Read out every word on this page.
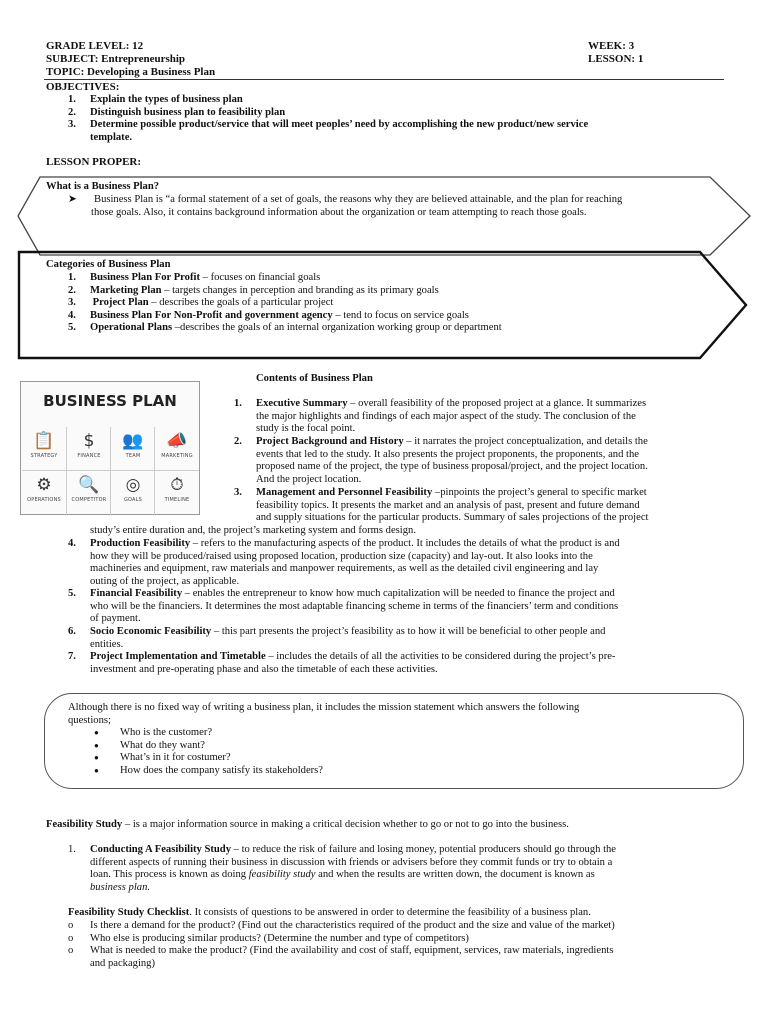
GRADE LEVEL: 12
SUBJECT: Entrepreneurship
TOPIC: Developing a Business Plan
WEEK: 3
LESSON: 1
OBJECTIVES:
1. Explain the types of business plan
2. Distinguish business plan to feasibility plan
3. Determine possible product/service that will meet peoples’ need by accomplishing the new product/new service
template.
LESSON PROPER:
What is a Business Plan?
➤ Business Plan is “a formal statement of a set of goals, the reasons why they are believed attainable, and the plan for reaching
those goals. Also, it contains background information about the organization or team attempting to reach those goals.
Categories of Business Plan
1. Business Plan For Profit – focuses on financial goals
2. Marketing Plan – targets changes in perception and branding as its primary goals
3. Project Plan – describes the goals of a particular project
4. Business Plan For Non-Profit and government agency – tend to focus on service goals
5. Operational Plans –describes the goals of an internal organization working group or department
BUSINESS PLAN
📋
STRATEGY
$
FINANCE
👥
TEAM
📣
MARKETING
⚙
OPERATIONS
🔍
COMPETITOR
◎
GOALS
⏱
TIMELINE
Contents of Business Plan
1. Executive Summary – overall feasibility of the proposed project at a glance. It summarizes
the major highlights and findings of each major aspect of the study. The conclusion of the
study is the focal point.
2. Project Background and History – it narrates the project conceptualization, and details the
events that led to the study. It also presents the project proponents, the proponents, and the
proposed name of the project, the type of business proposal/project, and the project location.
And the project location.
3. Management and Personnel Feasibility –pinpoints the project’s general to specific market
feasibility topics. It presents the market and an analysis of past, present and future demand
and supply situations for the particular products. Summary of sales projections of the project
study’s entire duration and, the project’s marketing system and forms design.
4. Production Feasibility – refers to the manufacturing aspects of the product. It includes the details of what the product is and
how they will be produced/raised using proposed location, production size (capacity) and lay-out. It also looks into the
machineries and equipment, raw materials and manpower requirements, as well as the detailed civil engineering and lay
outing of the project, as applicable.
5. Financial Feasibility – enables the entrepreneur to know how much capitalization will be needed to finance the project and
who will be the financiers. It determines the most adaptable financing scheme in terms of the financiers’ term and conditions
of payment.
6. Socio Economic Feasibility – this part presents the project’s feasibility as to how it will be beneficial to other people and
entities.
7. Project Implementation and Timetable – includes the details of all the activities to be considered during the project’s pre-
investment and pre-operating phase and also the timetable of each these activities.
Although there is no fixed way of writing a business plan, it includes the mission statement which answers the following
questions;
● Who is the customer?
● What do they want?
● What’s in it for costumer?
● How does the company satisfy its stakeholders?
Feasibility Study – is a major information source in making a critical decision whether to go or not to go into the business.
1. Conducting A Feasibility Study – to reduce the risk of failure and losing money, potential producers should go through the
different aspects of running their business in discussion with friends or advisers before they commit funds or try to obtain a
loan. This process is known as doing feasibility study and when the results are written down, the document is known as
business plan.
Feasibility Study Checklist. It consists of questions to be answered in order to determine the feasibility of a business plan.
o Is there a demand for the product? (Find out the characteristics required of the product and the size and value of the market)
o Who else is producing similar products? (Determine the number and type of competitors)
o What is needed to make the product? (Find the availability and cost of staff, equipment, services, raw materials, ingredients
and packaging)
